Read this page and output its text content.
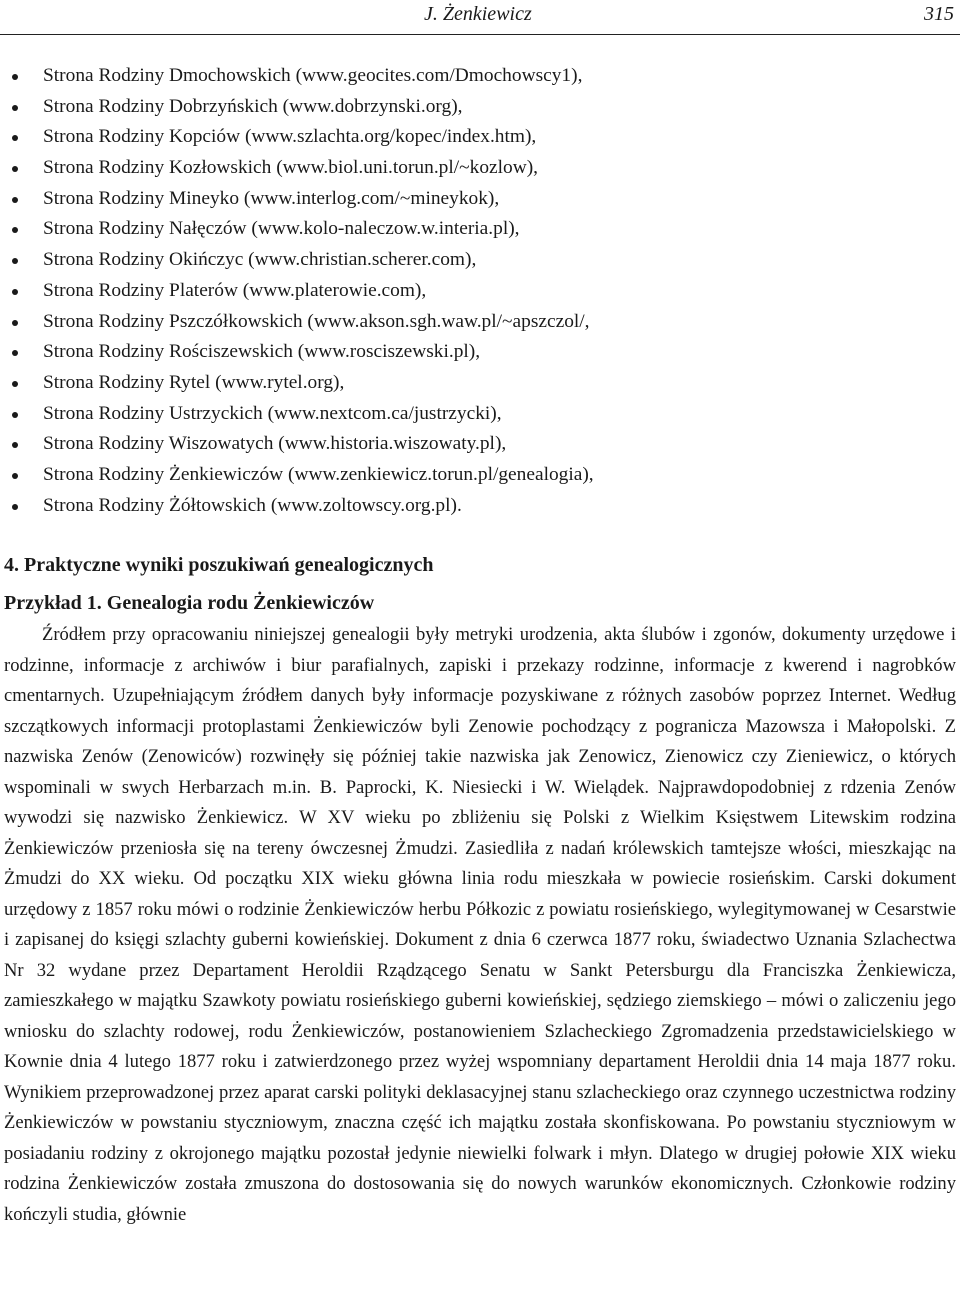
J. Żenkiewicz	315
Strona Rodziny Dmochowskich (www.geocites.com/Dmochowscy1),
Strona Rodziny Dobrzyńskich (www.dobrzynski.org),
Strona Rodziny Kopciów (www.szlachta.org/kopec/index.htm),
Strona Rodziny Kozłowskich (www.biol.uni.torun.pl/~kozlow),
Strona Rodziny Mineyko (www.interlog.com/~mineykok),
Strona Rodziny Nałęczów (www.kolo-naleczow.w.interia.pl),
Strona Rodziny Okińczyc (www.christian.scherer.com),
Strona Rodziny Platerów (www.platerowie.com),
Strona Rodziny Pszczółkowskich (www.akson.sgh.waw.pl/~apszczol/,
Strona Rodziny Rościszewskich (www.rosciszewski.pl),
Strona Rodziny Rytel (www.rytel.org),
Strona Rodziny Ustrzyckich (www.nextcom.ca/justrzycki),
Strona Rodziny Wiszowatych (www.historia.wiszowaty.pl),
Strona Rodziny Żenkiewiczów (www.zenkiewicz.torun.pl/genealogia),
Strona Rodziny Żółtowskich (www.zoltowscy.org.pl).
4. Praktyczne wyniki poszukiwań genealogicznych
Przykład 1. Genealogia rodu Żenkiewiczów

Źródłem przy opracowaniu niniejszej genealogii były metryki urodzenia, akta ślubów i zgonów, dokumenty urzędowe i rodzinne, informacje z archiwów i biur parafialnych, zapiski i przekazy rodzinne, informacje z kwerend i nagrobków cmentarnych. Uzupełniającym źródłem danych były informacje pozyskiwane z różnych zasobów poprzez Internet. Według szczątkowych informacji protoplastami Żenkiewiczów byli Zenowie pochodzący z pogranicza Mazowsza i Małopolski. Z nazwiska Zenów (Zenowiców) rozwinęły się później takie nazwiska jak Zenowicz, Zienowicz czy Zieniewicz, o których wspominali w swych Herbarzach m.in. B. Paprocki, K. Niesiecki i W. Wielądek. Najprawdopodobniej z rdzenia Zenów wywodzi się nazwisko Żenkiewicz. W XV wieku po zbliżeniu się Polski z Wielkim Księstwem Litewskim rodzina Żenkiewiczów przeniosła się na tereny ówczesnej Żmudzi. Zasiedliła z nadań królewskich tamtejsze włości, mieszkając na Żmudzi do XX wieku. Od początku XIX wieku główna linia rodu mieszkała w powiecie rosieńskim. Carski dokument urzędowy z 1857 roku mówi o rodzinie Żenkiewiczów herbu Półkozic z powiatu rosieńskiego, wylegitymowanej w Cesarstwie i zapisanej do księgi szlachty guberni kowieńskiej. Dokument z dnia 6 czerwca 1877 roku, świadectwo Uznania Szlachectwa Nr 32 wydane przez Departament Heroldii Rządzącego Senatu w Sankt Petersburgu dla Franciszka Żenkiewicza, zamieszkałego w majątku Szawkoty powiatu rosieńskiego guberni kowieńskiej, sędziego ziemskiego – mówi o zaliczeniu jego wniosku do szlachty rodowej, rodu Żenkiewiczów, postanowieniem Szlacheckiego Zgromadzenia przedstawicielskiego w Kownie dnia 4 lutego 1877 roku i zatwierdzonego przez wyżej wspomniany departament Heroldii dnia 14 maja 1877 roku. Wynikiem przeprowadzonej przez aparat carski polityki deklasacyjnej stanu szlacheckiego oraz czynnego uczestnictwa rodziny Żenkiewiczów w powstaniu styczniowym, znaczna część ich majątku została skonfiskowana. Po powstaniu styczniowym w posiadaniu rodziny z okrojonego majątku pozostał jedynie niewielki folwark i młyn. Dlatego w drugiej połowie XIX wieku rodzina Żenkiewiczów została zmuszona do dostosowania się do nowych warunków ekonomicznych. Członkowie rodziny kończyli studia, głównie
